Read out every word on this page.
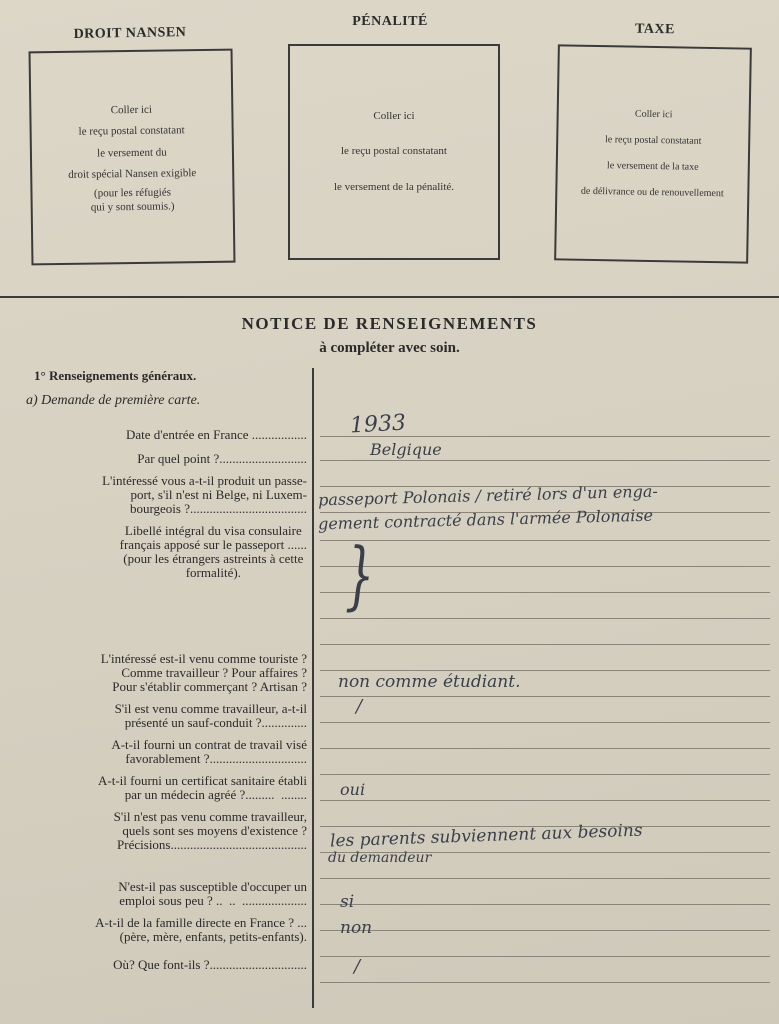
DROIT NANSEN
Coller ici
le reçu postal constatant
le versement du
droit spécial Nansen exigible
(pour les réfugiés
qui y sont soumis.)
PÉNALITÉ
Coller ici
le reçu postal constatant
le versement de la pénalité.
TAXE
Coller ici
le reçu postal constatant
le versement de la taxe
de délivrance ou de renouvellement
NOTICE DE RENSEIGNEMENTS
à compléter avec soin.
1° Renseignements généraux.
a) Demande de première carte.
Date d'entrée en France .................
Par quel point ?...........................
L'intéressé vous a-t-il produit un passe-
port, s'il n'est ni Belge, ni Luxem-
bourgeois ?....................................
Libellé intégral du visa consulaire
français apposé sur le passeport ......
(pour les étrangers astreints à cette
formalité).
L'intéressé est-il venu comme touriste ?
Comme travailleur ? Pour affaires ?
Pour s'établir commerçant ? Artisan ?
S'il est venu comme travailleur, a-t-il
présenté un sauf-conduit ?..............
A-t-il fourni un contrat de travail visé
favorablement ?..............................
A-t-il fourni un certificat sanitaire établi
par un médecin agréé ?.........  ........
S'il n'est pas venu comme travailleur,
quels sont ses moyens d'existence ?
Précisions..........................................
N'est-il pas susceptible d'occuper un
emploi sous peu ? ..  ..  ....................
A-t-il de la famille directe en France ? ...
(père, mère, enfants, petits-enfants).
Où? Que font-ils ?..............................
1933
Belgique
passeport Polonais / retiré lors d'un enga-
gement contracté dans l'armée Polonaise
}
non comme étudiant.
/
oui
les parents subviennent aux besoins
du demandeur
si
non
/
